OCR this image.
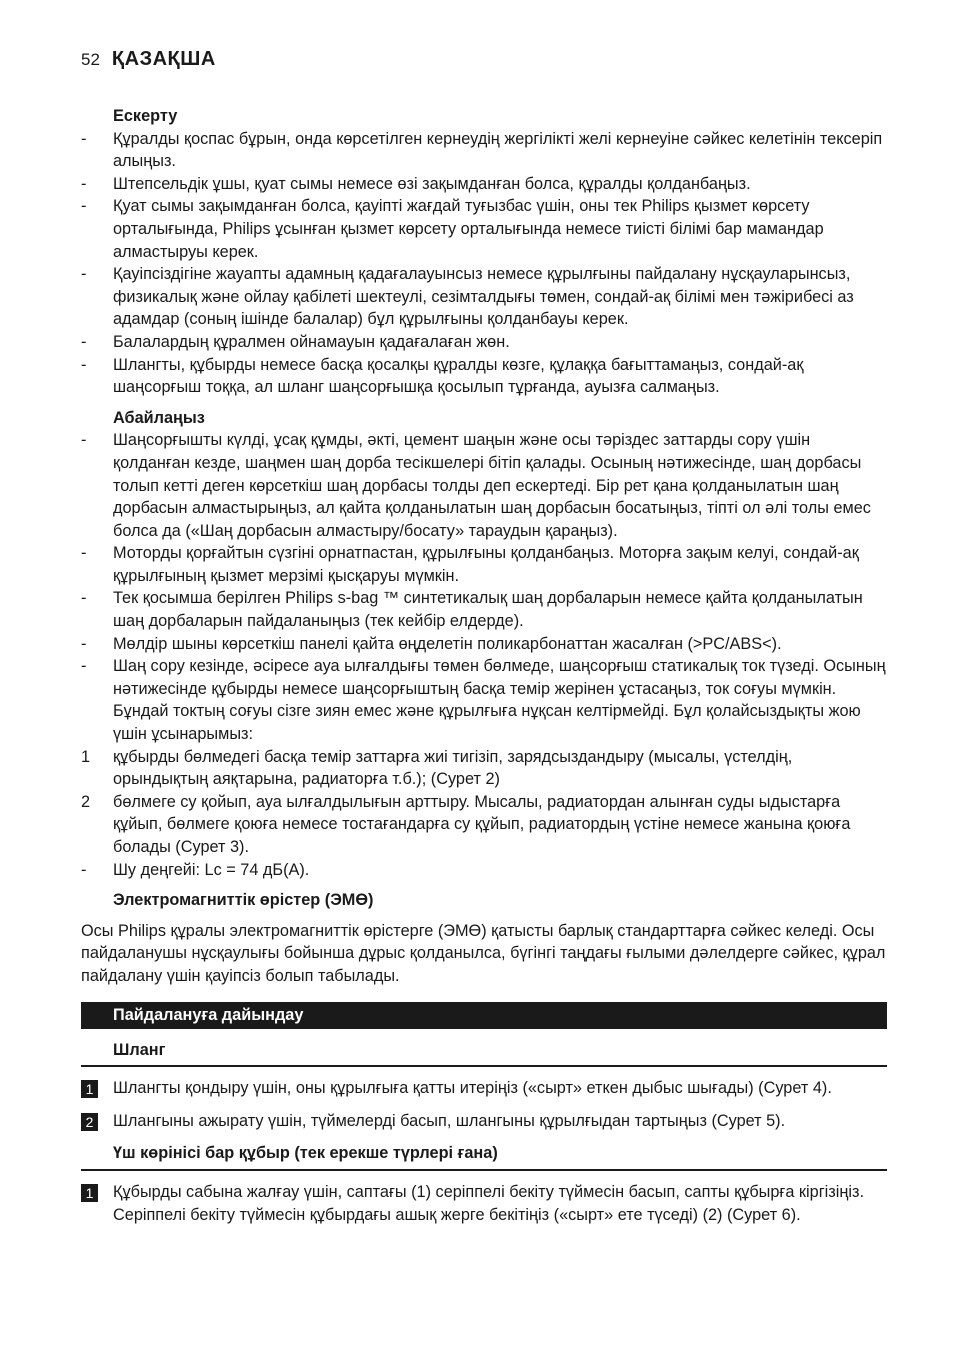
52 ҚАЗАҚША

Ескерту

-	Құралды қоспас бұрын, онда көрсетілген кернеудің жергілікті желі кернеуіне сәйкес келетінін тексеріп алыңыз.
-	Штепсельдік ұшы, қуат сымы немесе өзі зақымданған болса, құралды қолданбаңыз.
-	Қуат сымы зақымданған болса, қауіпті жағдай туғызбас үшін, оны тек Philips қызмет көрсету орталығында, Philips ұсынған қызмет көрсету орталығында немесе тиісті білімі бар мамандар алмастыруы керек.
-	Қауіпсіздігіне жауапты адамның қадағалауынсыз немесе құрылғыны пайдалану нұсқауларынсыз, физикалық және ойлау қабілеті шектеулі, сезімталдығы төмен, сондай-ақ білімі мен тәжірибесі аз адамдар (соның ішінде балалар) бұл құрылғыны қолданбауы керек.
-	Балалардың құралмен ойнамауын қадағалаған жөн.
-	Шлангты, құбырды немесе басқа қосалқы құралды көзге, құлаққа бағыттамаңыз, сондай-ақ шаңсорғыш тоққа, ал шланг шаңсорғышқа қосылып тұрғанда, ауызға салмаңыз.

Абайлаңыз

-	Шаңсорғышты күлді, ұсақ құмды, әкті, цемент шаңын және осы тәріздес заттарды сору үшін қолданған кезде, шаңмен шаң дорба тесікшелері бітіп қалады. Осының нәтижесінде, шаң дорбасы толып кетті деген көрсеткіш шаң дорбасы толды деп ескертеді. Бір рет қана қолданылатын шаң дорбасын алмастырыңыз, ал қайта қолданылатын шаң дорбасын босатыңыз, тіпті ол әлі толы емес болса да («Шаң дорбасын алмастыру/босату» тараудын қараңыз).
-	Моторды қорғайтын сүзгіні орнатпастан, құрылғыны қолданбаңыз. Моторға зақым келуі, сондай-ақ құрылғының қызмет мерзімі қысқаруы мүмкін.
-	Тек қосымша берілген Philips s-bag ™ синтетикалық шаң дорбаларын немесе қайта қолданылатын шаң дорбаларын пайдаланыңыз (тек кейбір елдерде).
-	Мөлдір шыны көрсеткіш панелі қайта өңделетін поликарбонаттан жасалған (>PC/ABS<).
-	Шаң сору кезінде, әсіресе ауа ылғалдығы төмен бөлмеде, шаңсорғыш статикалық ток түзеді. Осының нәтижесінде құбырды немесе шаңсорғыштың басқа темір жерінен ұстасаңыз, ток соғуы мүмкін. Бұндай токтың соғуы сізге зиян емес және құрылғыға нұқсан келтірмейді. Бұл қолайсыздықты жою үшін ұсынарымыз:
1	құбырды бөлмедегі басқа темір заттарға жиі тигізіп, зарядсыздандыру (мысалы, үстелдің, орындықтың аяқтарына, радиаторға т.б.); (Сурет 2)
2	бөлмеге су қойып, ауа ылғалдылығын арттыру. Мысалы, радиатордан алынған суды ыдыстарға құйып, бөлмеге қоюға немесе тостағандарға су құйып, радиатордың үстіне немесе жанына қоюға болады (Сурет 3).
-	Шу деңгейі: Lc = 74 дБ(A).

Электромагниттік өрістер (ЭМӨ)

Осы Philips құралы электромагниттік өрістерге (ЭМӨ) қатысты барлық стандарттарға сәйкес келеді. Осы пайдаланушы нұсқаулығы бойынша дұрыс қолданылса, бүгінгі таңдағы ғылыми дәлелдерге сәйкес, құрал пайдалану үшін қауіпсіз болып табылады.
Пайдалануға дайындау

Шланг

1 Шлангты қондыру үшін, оны құрылғыға қатты итеріңіз («сырт» еткен дыбыс шығады) (Сурет 4).
2 Шлангыны ажырату үшін, түймелерді басып, шлангыны құрылғыдан тартыңыз (Сурет 5).

Үш көрінісі бар құбыр (тек ерекше түрлері ғана)

1 Құбырды сабына жалғау үшін, саптағы (1) серіппелі бекіту түймесін басып, сапты құбырға кіргізіңіз. Серіппелі бекіту түймесін құбырдағы ашық жерге бекітіңіз («сырт» ете түседі) (2) (Сурет 6).
